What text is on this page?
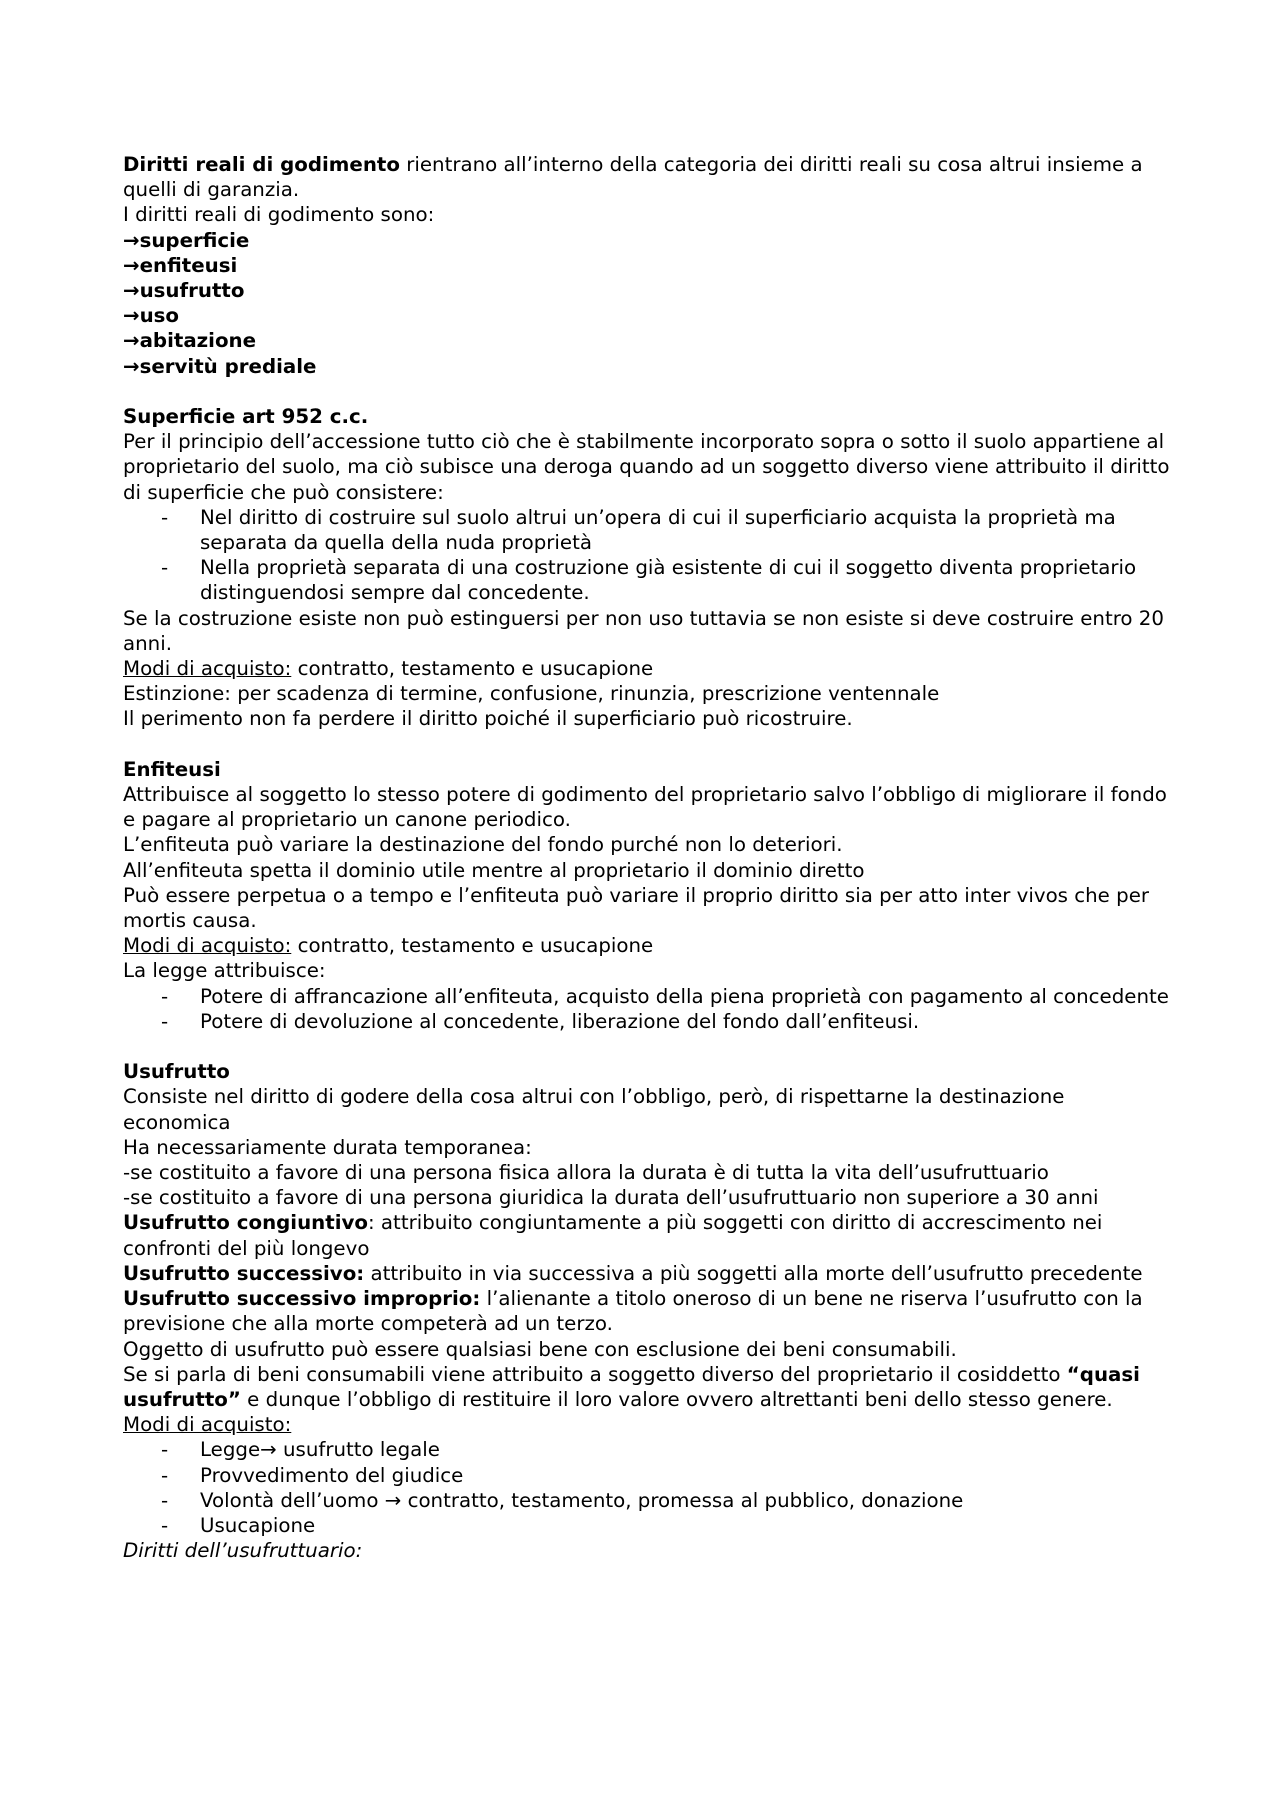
Diritti reali di godimento rientrano all’interno della categoria dei diritti reali su cosa altrui insieme a quelli di garanzia.

I diritti reali di godimento sono:

→superficie

→enfiteusi

→usufrutto

→uso

→abitazione

→servitù prediale

Superficie art 952 c.c.

Per il principio dell’accessione tutto ciò che è stabilmente incorporato sopra o sotto il suolo appartiene al proprietario del suolo, ma ciò subisce una deroga quando ad un soggetto diverso viene attribuito il diritto di superficie che può consistere:

- Nel diritto di costruire sul suolo altrui un’opera di cui il superficiario acquista la proprietà ma separata da quella della nuda proprietà
- Nella proprietà separata di una costruzione già esistente di cui il soggetto diventa proprietario distinguendosi sempre dal concedente.

Se la costruzione esiste non può estinguersi per non uso tuttavia se non esiste si deve costruire entro 20 anni.

Modi di acquisto: contratto, testamento e usucapione

Estinzione: per scadenza di termine, confusione, rinunzia, prescrizione ventennale

Il perimento non fa perdere il diritto poiché il superficiario può ricostruire.

Enfiteusi

Attribuisce al soggetto lo stesso potere di godimento del proprietario salvo l’obbligo di migliorare il fondo e pagare al proprietario un canone periodico.

L’enfiteuta può variare la destinazione del fondo purché non lo deteriori.

All’enfiteuta spetta il dominio utile mentre al proprietario il dominio diretto

Può essere perpetua o a tempo e l’enfiteuta può variare il proprio diritto sia per atto inter vivos che per mortis causa.

Modi di acquisto: contratto, testamento e usucapione

La legge attribuisce:

- Potere di affrancazione all’enfiteuta, acquisto della piena proprietà con pagamento al concedente
- Potere di devoluzione al concedente, liberazione del fondo dall’enfiteusi.

Usufrutto

Consiste nel diritto di godere della cosa altrui con l’obbligo, però, di rispettarne la destinazione economica

Ha necessariamente durata temporanea:

-se costituito a favore di una persona fisica allora la durata è di tutta la vita dell’usufruttuario

-se costituito a favore di una persona giuridica la durata dell’usufruttuario non superiore a 30 anni

Usufrutto congiuntivo: attribuito congiuntamente a più soggetti con diritto di accrescimento nei confronti del più longevo

Usufrutto successivo: attribuito in via successiva a più soggetti alla morte dell’usufrutto precedente

Usufrutto successivo improprio: l’alienante a titolo oneroso di un bene ne riserva l’usufrutto con la previsione che alla morte competerà ad un terzo.

Oggetto di usufrutto può essere qualsiasi bene con esclusione dei beni consumabili.

Se si parla di beni consumabili viene attribuito a soggetto diverso del proprietario il cosiddetto “quasi usufrutto” e dunque l’obbligo di restituire il loro valore ovvero altrettanti beni dello stesso genere.

Modi di acquisto:

- Legge→ usufrutto legale
- Provvedimento del giudice
- Volontà dell’uomo → contratto, testamento, promessa al pubblico, donazione
- Usucapione

Diritti dell’usufruttuario:
